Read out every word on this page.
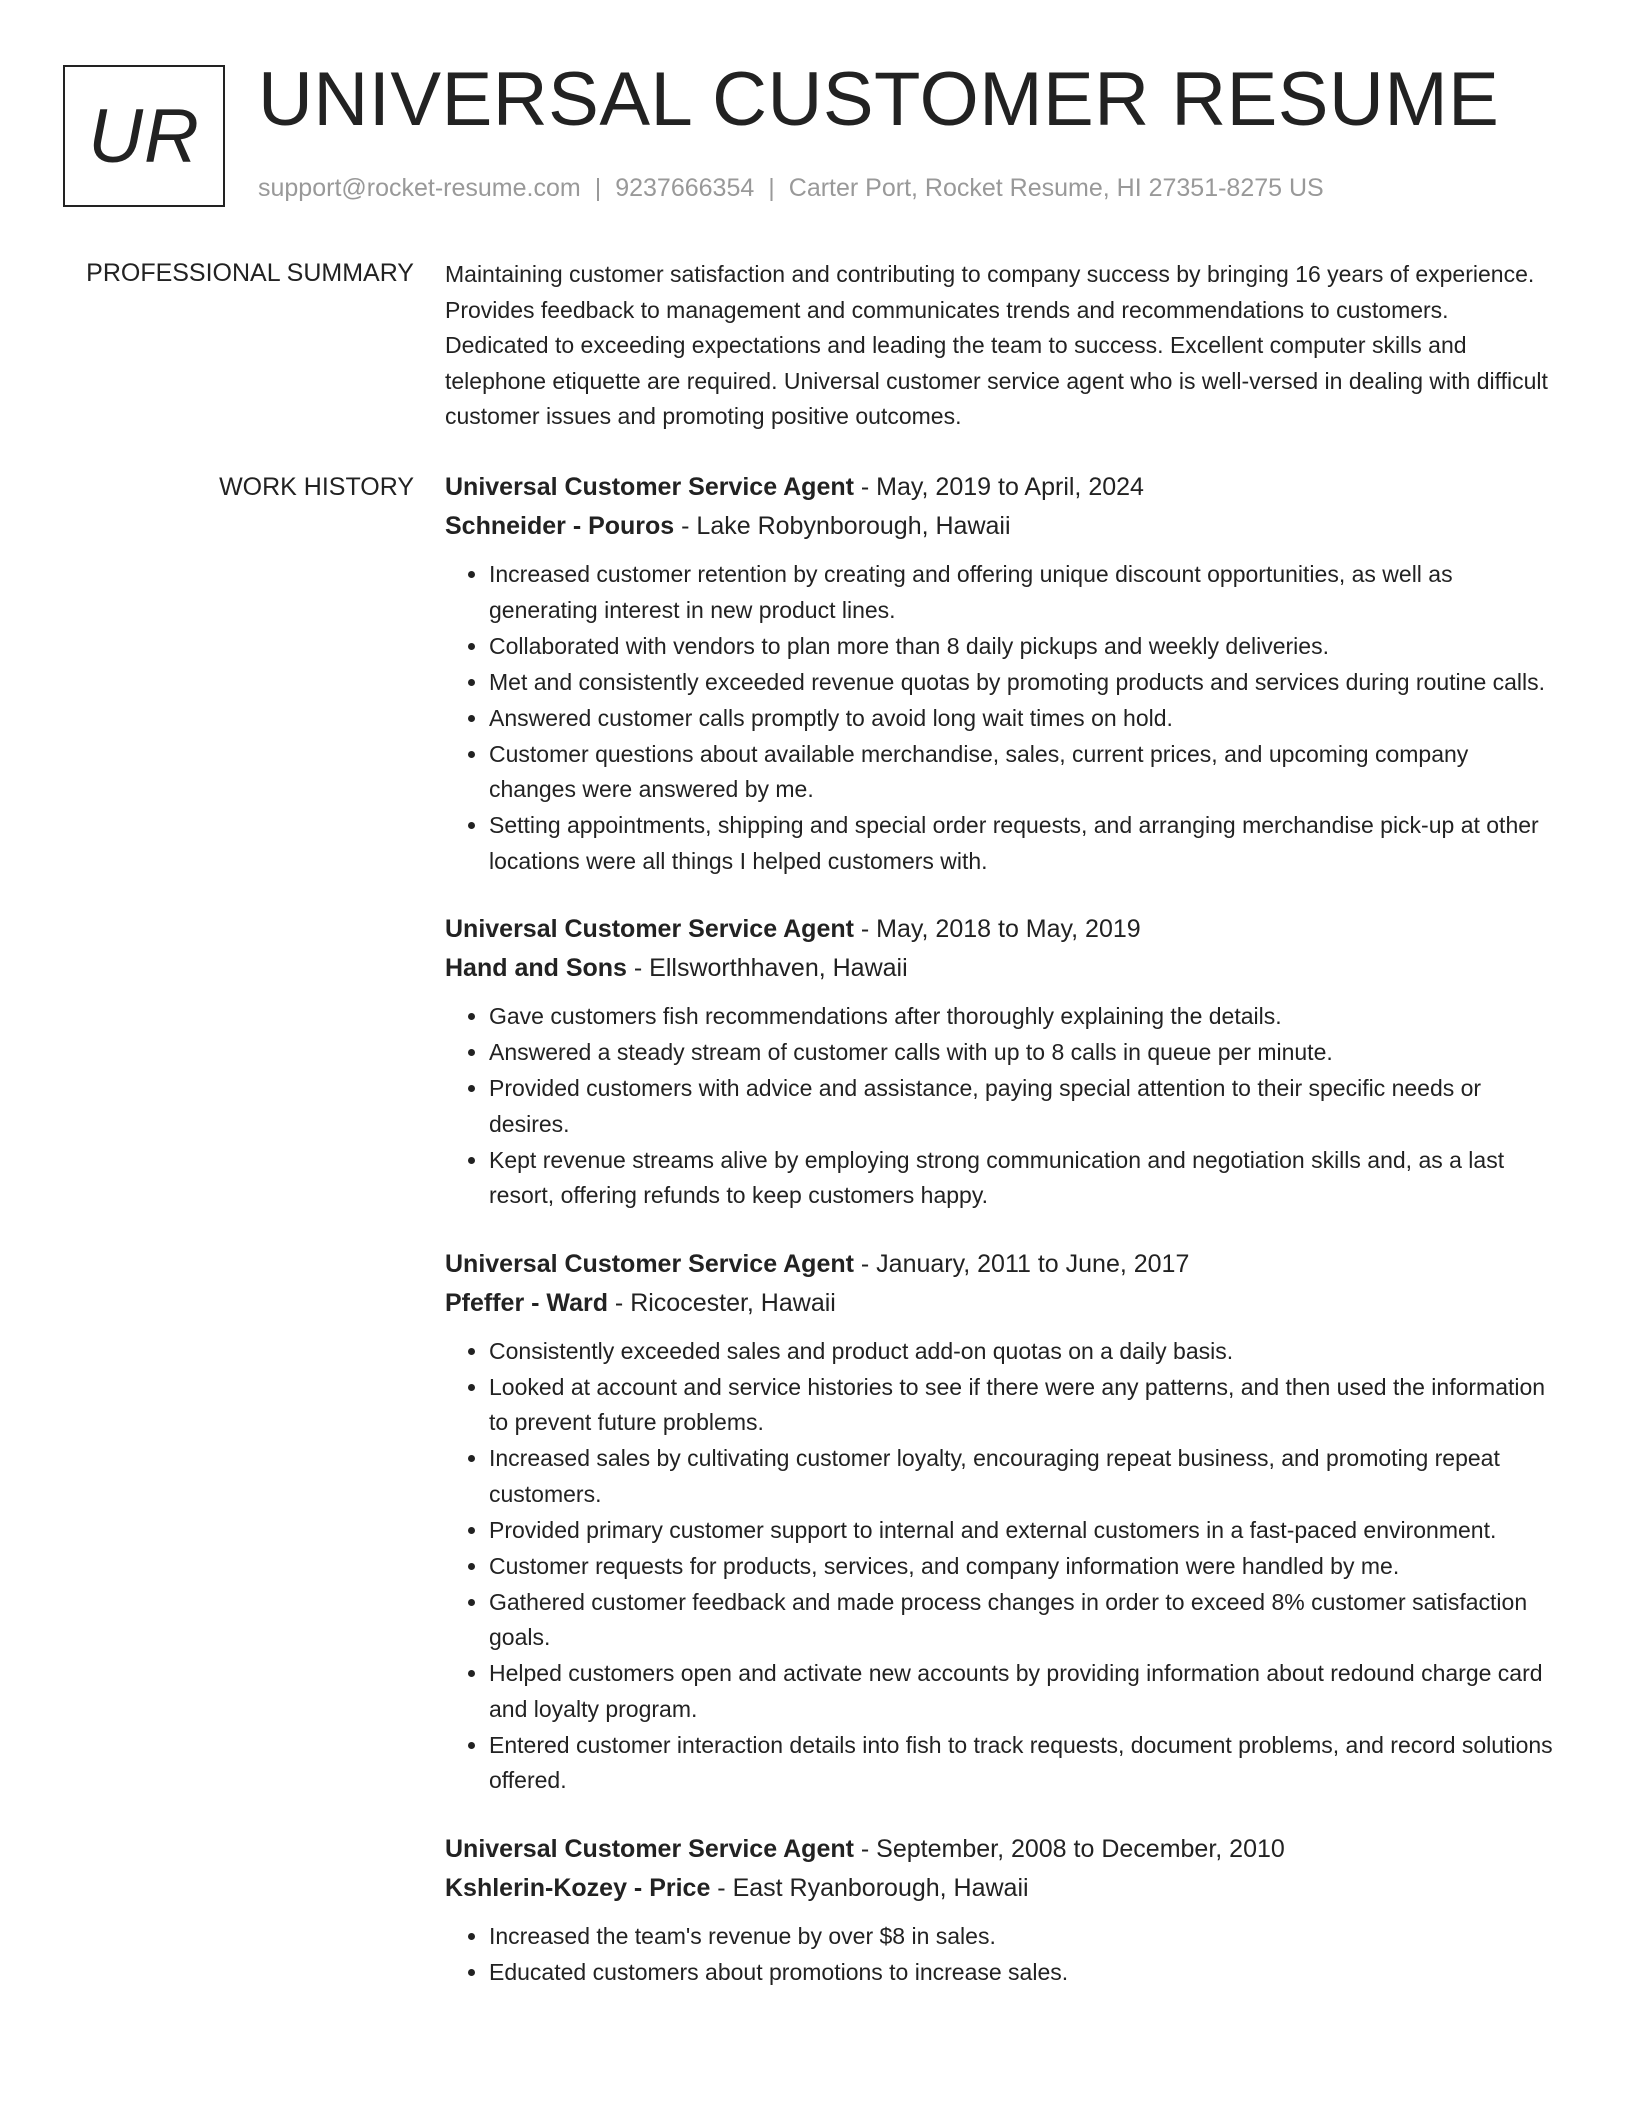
UR UNIVERSAL CUSTOMER RESUME
support@rocket-resume.com | 9237666354 | Carter Port, Rocket Resume, HI 27351-8275 US
PROFESSIONAL SUMMARY Maintaining customer satisfaction and contributing to company success by bringing 16 years of experience. Provides feedback to management and communicates trends and recommendations to customers. Dedicated to exceeding expectations and leading the team to success. Excellent computer skills and telephone etiquette are required. Universal customer service agent who is well-versed in dealing with difficult customer issues and promoting positive outcomes.

WORK HISTORY Universal Customer Service Agent - May, 2019 to April, 2024
Schneider - Pouros - Lake Robynborough, Hawaii
• Increased customer retention by creating and offering unique discount opportunities, as well as generating interest in new product lines.
• Collaborated with vendors to plan more than 8 daily pickups and weekly deliveries.
• Met and consistently exceeded revenue quotas by promoting products and services during routine calls.
• Answered customer calls promptly to avoid long wait times on hold.
• Customer questions about available merchandise, sales, current prices, and upcoming company changes were answered by me.
• Setting appointments, shipping and special order requests, and arranging merchandise pick-up at other locations were all things I helped customers with.
Universal Customer Service Agent - May, 2018 to May, 2019
Hand and Sons - Ellsworthhaven, Hawaii
• Gave customers fish recommendations after thoroughly explaining the details.
• Answered a steady stream of customer calls with up to 8 calls in queue per minute.
• Provided customers with advice and assistance, paying special attention to their specific needs or desires.
• Kept revenue streams alive by employing strong communication and negotiation skills and, as a last resort, offering refunds to keep customers happy.
Universal Customer Service Agent - January, 2011 to June, 2017
Pfeffer - Ward - Ricocester, Hawaii
• Consistently exceeded sales and product add-on quotas on a daily basis.
• Looked at account and service histories to see if there were any patterns, and then used the information to prevent future problems.
• Increased sales by cultivating customer loyalty, encouraging repeat business, and promoting repeat customers.
• Provided primary customer support to internal and external customers in a fast-paced environment.
• Customer requests for products, services, and company information were handled by me.
• Gathered customer feedback and made process changes in order to exceed 8% customer satisfaction goals.
• Helped customers open and activate new accounts by providing information about redound charge card and loyalty program.
• Entered customer interaction details into fish to track requests, document problems, and record solutions offered.
Universal Customer Service Agent - September, 2008 to December, 2010
Kshlerin-Kozey - Price - East Ryanborough, Hawaii
• Increased the team's revenue by over $8 in sales.
• Educated customers about promotions to increase sales.
